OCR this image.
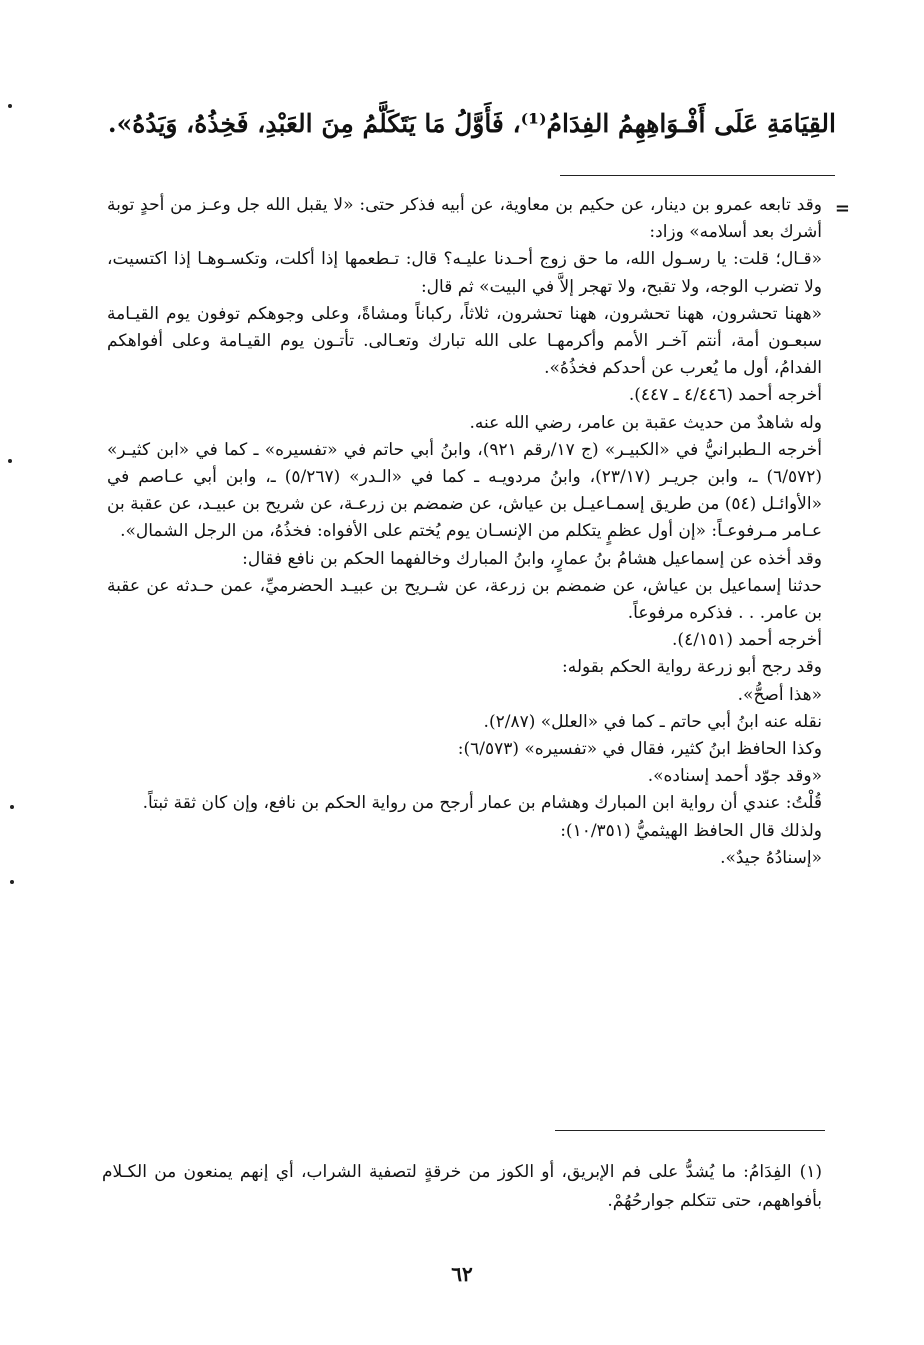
القِيَامَةِ عَلَى أَفْـوَاهِهِمُ الفِدَامُ⁽¹⁾، فَأَوَّلُ مَا يَتَكَلَّمُ مِنَ العَبْدِ، فَخِذُهُ، وَيَدُهُ».
=

وقد تابعه عمرو بن دينار، عن حكيم بن معاوية، عن أبيه فذكر حتى: «لا يقبل الله جل وعـز من أحدٍ توبة أشرك بعد أسلامه» وزاد:

«قـال؛ قلت: يا رسـول الله، ما حق زوج أحـدنا عليـه؟ قال: تـطعمها إذا أكلت، وتكسـوهـا إذا اكتسيت، ولا تضرب الوجه، ولا تقبح، ولا تهجر إلاَّ في البيت» ثم قال:

«ههنا تحشرون، ههنا تحشرون، ههنا تحشرون، ثلاثاً، ركباناً ومشاةً، وعلى وجوهكم توفون يوم القيـامة سبعـون أمة، أنتم آخـر الأمم وأكرمهـا على الله تبارك وتعـالى. تأتـون يوم القيـامة وعلى أفواهكم الفدامُ، أول ما يُعرب عن أحدكم فخذُهُ».

أخرجه أحمد (٤/٤٤٦ ـ ٤٤٧).

وله شاهدٌ من حديث عقبة بن عامر، رضي الله عنه.

أخرجه الـطبرانيُّ في «الكبيـر» (ج ١٧/رقم ٩٢١)، وابنُ أبي حاتم في «تفسيره» ـ كما في «ابن كثيـر» (٦/٥٧٢) ـ، وابن جريـر (٢٣/١٧)، وابنُ مردويـه ـ كما في «الـدر» (٥/٢٦٧) ـ، وابن أبي عـاصم في «الأوائـل (٥٤) من طريق إسمـاعيـل بن عياش، عن ضمضم بن زرعـة، عن شريح بن عبيـد، عن عقبة بن عـامر مـرفوعـاً: «إن أول عظمٍ يتكلم من الإنسـان يوم يُختم على الأفواه: فخذُهُ، من الرجل الشمال».

وقد أخذه عن إسماعيل هشامُ بنُ عمارٍ، وابنُ المبارك وخالفهما الحكم بن نافع فقال:

حدثنا إسماعيل بن عياش، عن ضمضم بن زرعة، عن شـريح بن عبيـد الحضرميِّ، عمن حـدثه عن عقبة بن عامر. . . فذكره مرفوعاً.

أخرجه أحمد (٤/١٥١).

وقد رجح أبو زرعة رواية الحكم بقوله:

«هذا أصحُّ».

نقله عنه ابنُ أبي حاتم ـ كما في «العلل» (٢/٨٧).

وكذا الحافظ ابنُ كثير، فقال في «تفسيره» (٦/٥٧٣):

«وقد جوّد أحمد إسناده».

قُلْتُ: عندي أن رواية ابن المبارك وهشام بن عمار أرجح من رواية الحكم بن نافع، وإن كان ثقة ثبتاً.

ولذلك قال الحافظ الهيثميُّ (١٠/٣٥١):

«إسنادُهُ جيدٌ».

(١)الفِدَامُ: ما يُشدُّ على فم الإبريق، أو الكوز من خرقةٍ لتصفية الشراب، أي إنهم يمنعون من الكـلام بأفواههم، حتى تتكلم جوارحُهُمْ.
٦٢
